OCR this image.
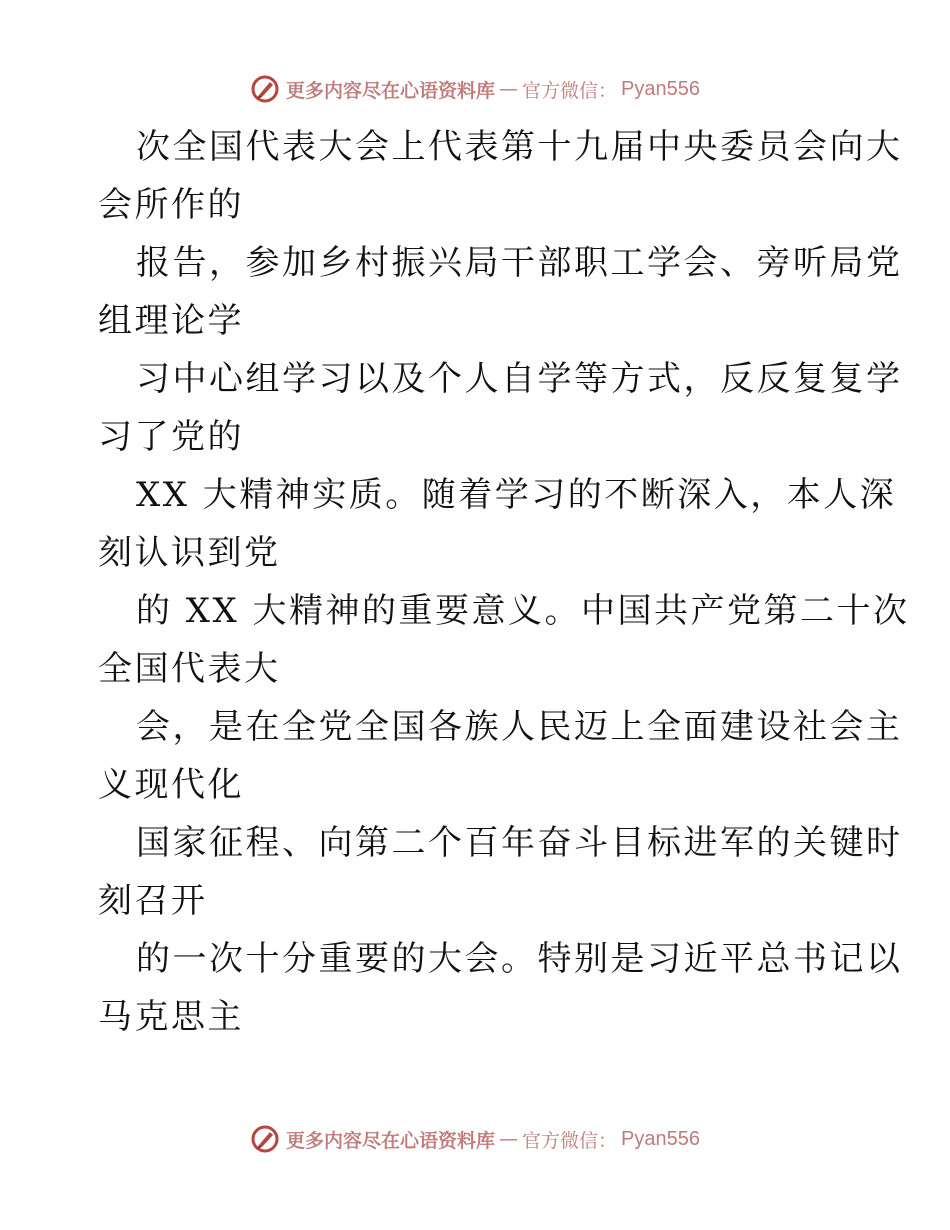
更多内容尽在心语资料库 — 官方微信： Pyan556
次全国代表大会上代表第十九届中央委员会向大
会所作的
报告，参加乡村振兴局干部职工学会、旁听局党
组理论学
习中心组学习以及个人自学等方式，反反复复学
习了党的
XX 大精神实质。随着学习的不断深入，本人深
刻认识到党
的 XX 大精神的重要意义。中国共产党第二十次
全国代表大
会，是在全党全国各族人民迈上全面建设社会主
义现代化
国家征程、向第二个百年奋斗目标进军的关键时
刻召开
的一次十分重要的大会。特别是习近平总书记以
马克思主
更多内容尽在心语资料库 — 官方微信： Pyan556
